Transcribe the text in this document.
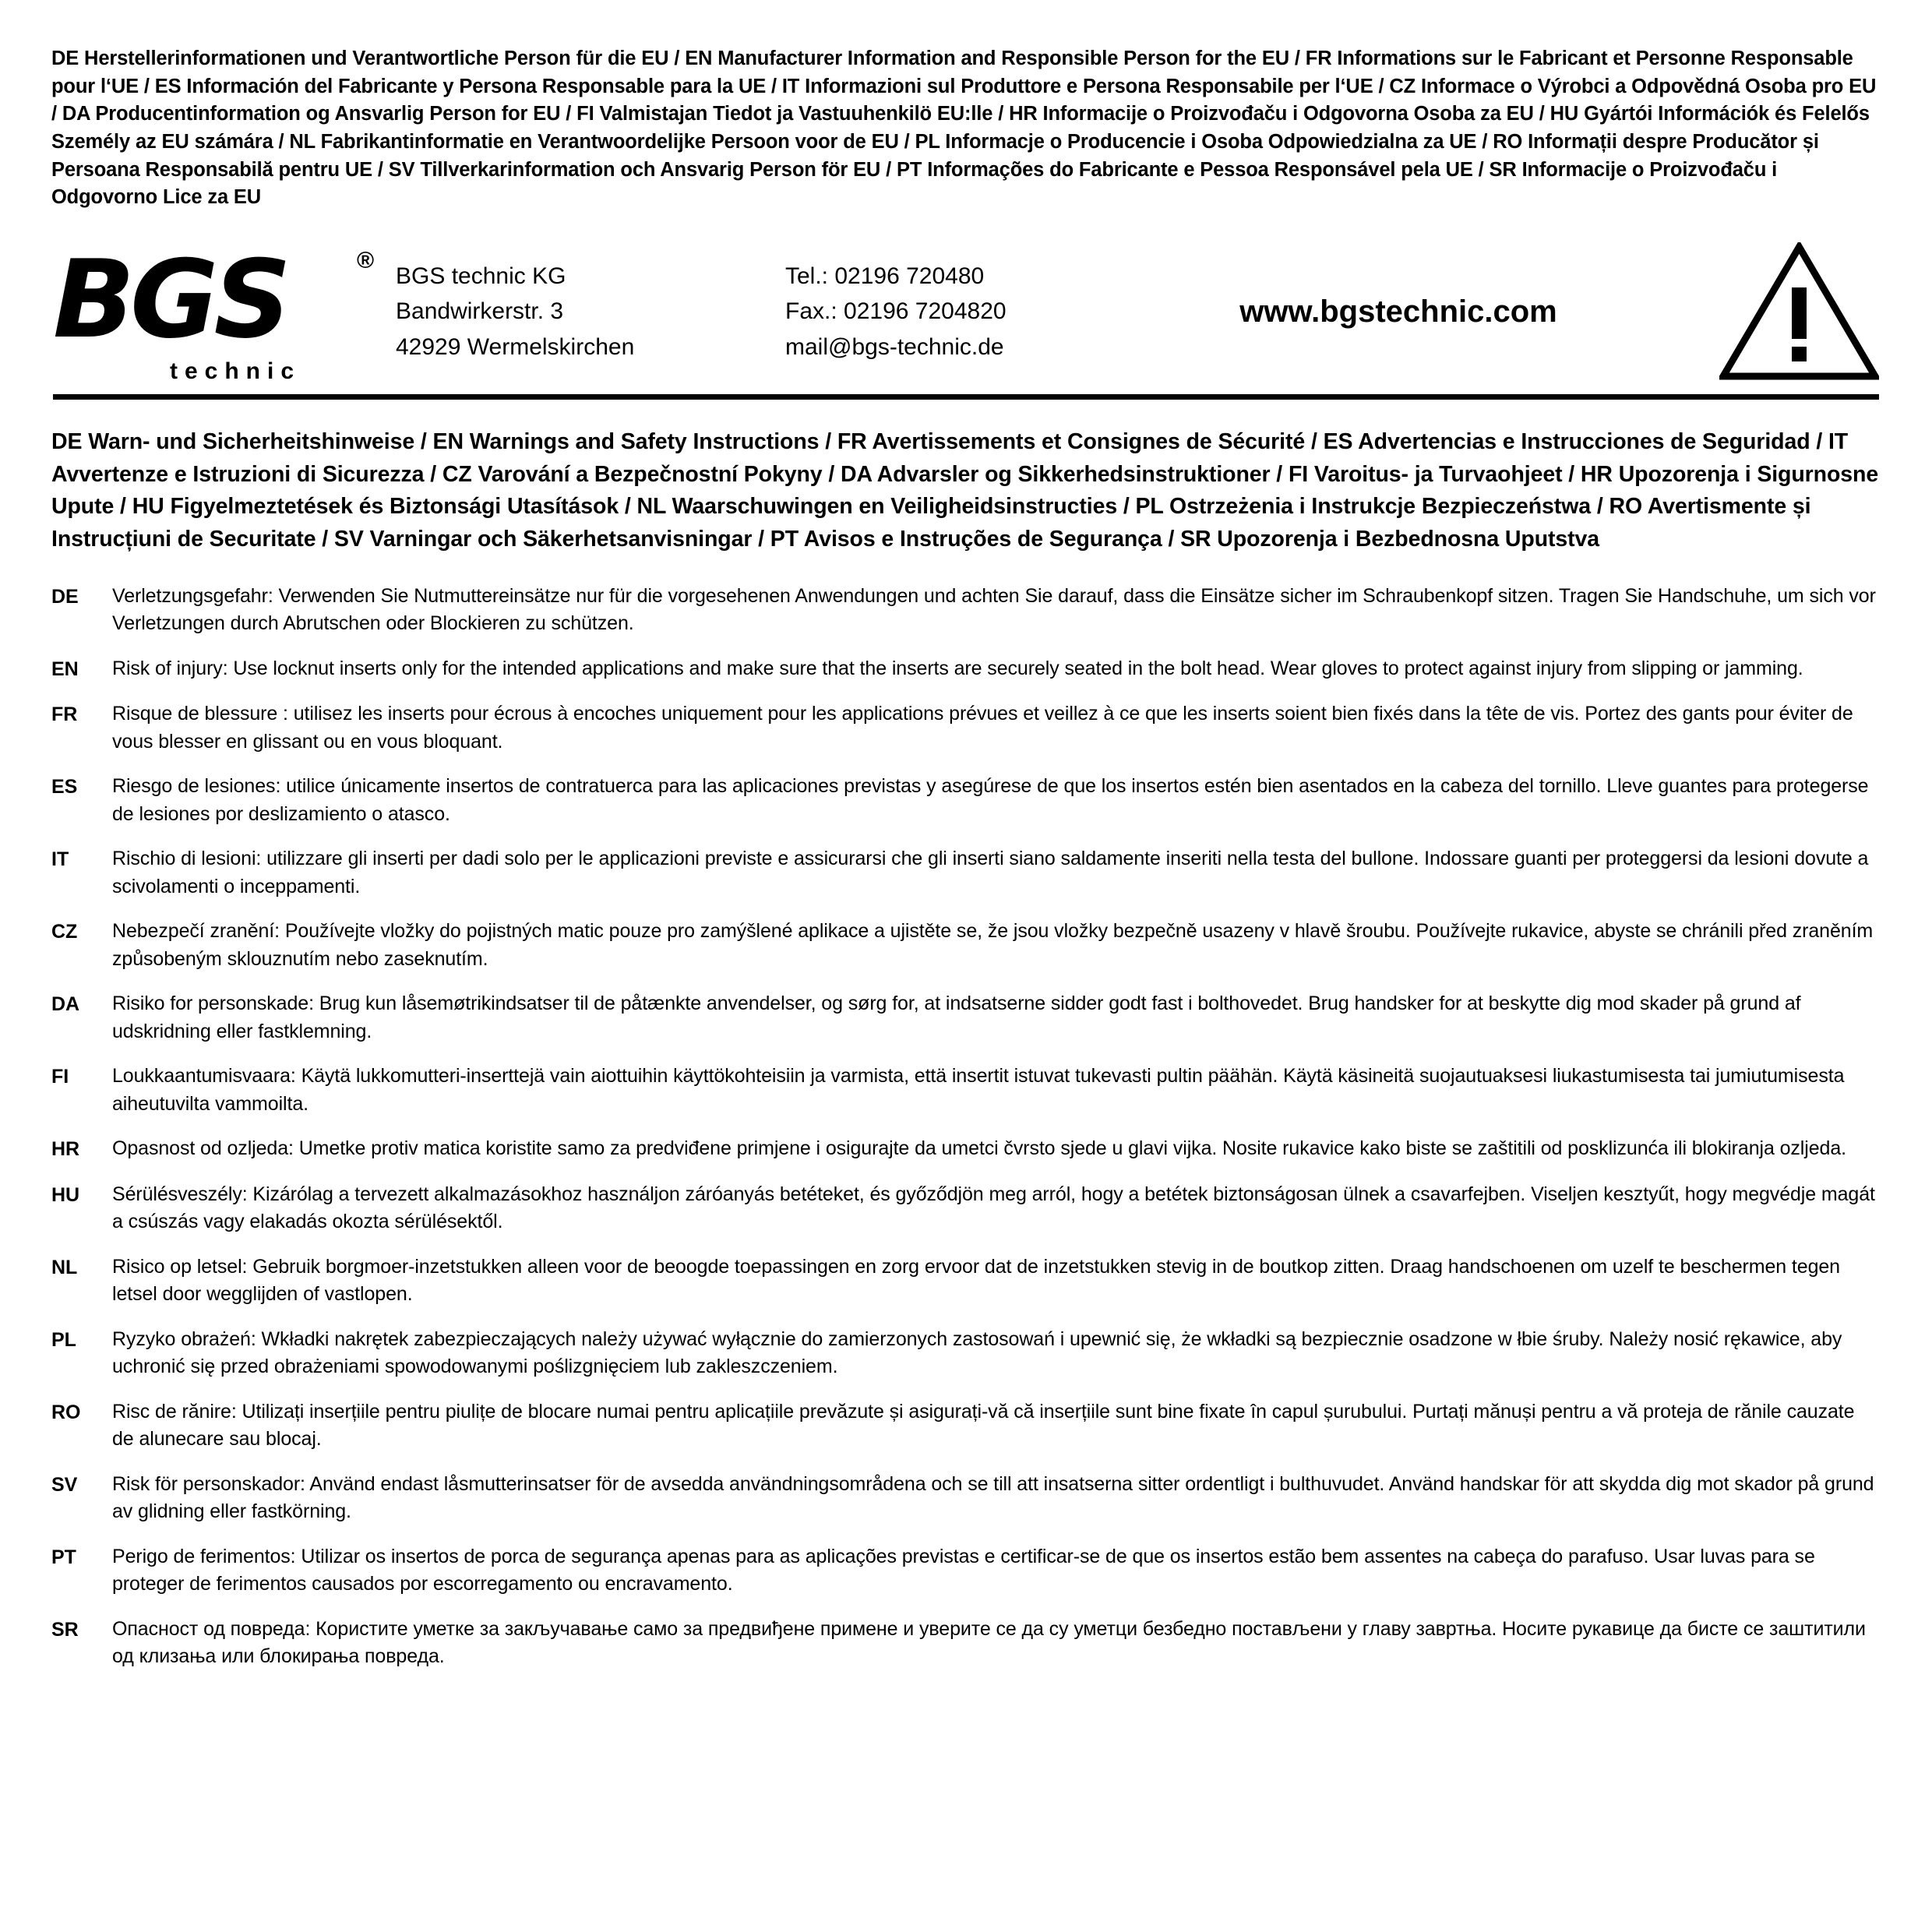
DE Herstellerinformationen und Verantwortliche Person für die EU / EN Manufacturer Information and Responsible Person for the EU / FR Informations sur le Fabricant et Personne Responsable pour l‘UE / ES Información del Fabricante y Persona Responsable para la UE / IT Informazioni sul Produttore e Persona Responsabile per l‘UE / CZ Informace o Výrobci a Odpovědná Osoba pro EU / DA Producentinformation og Ansvarlig Person for EU / FI Valmistajan Tiedot ja Vastuuhenkilö EU:lle / HR Informacije o Proizvođaču i Odgovorna Osoba za EU / HU Gyártói Információk és Felelős Személy az EU számára / NL Fabrikantinformatie en Verantwoordelijke Persoon voor de EU / PL Informacje o Producencie i Osoba Odpowiedzialna za UE / RO Informații despre Producător și Persoana Responsabilă pentru UE / SV Tillverkarinformation och Ansvarig Person för EU / PT Informações do Fabricante e Pessoa Responsável pela UE / SR Informacije o Proizvođaču i Odgovorno Lice za EU
BGS	®
technic
BGS technic KG
Bandwirkerstr. 3
42929 Wermelskirchen
Tel.: 02196 720480
Fax.: 02196 7204820
mail@bgs-technic.de
www.bgstechnic.com
DE Warn- und Sicherheitshinweise / EN Warnings and Safety Instructions / FR Avertissements et Consignes de Sécurité / ES Advertencias e Instrucciones de Seguridad / IT Avvertenze e Istruzioni di Sicurezza / CZ Varování a Bezpečnostní Pokyny / DA Advarsler og Sikkerhedsinstruktioner / FI Varoitus- ja Turvaohjeet / HR Upozorenja i Sigurnosne Upute / HU Figyelmeztetések és Biztonsági Utasítások / NL Waarschuwingen en Veiligheidsinstructies / PL Ostrzeżenia i Instrukcje Bezpieczeństwa / RO Avertismente și Instrucțiuni de Securitate / SV Varningar och Säkerhetsanvisningar / PT Avisos e Instruções de Segurança / SR Upozorenja i Bezbednosna Uputstva
DE	Verletzungsgefahr: Verwenden Sie Nutmuttereinsätze nur für die vorgesehenen Anwendungen und achten Sie darauf, dass die Einsätze sicher im Schraubenkopf sitzen. Tragen Sie Handschuhe, um sich vor Verletzungen durch Abrutschen oder Blockieren zu schützen.
EN	Risk of injury: Use locknut inserts only for the intended applications and make sure that the inserts are securely seated in the bolt head. Wear gloves to protect against injury from slipping or jamming.
FR	Risque de blessure : utilisez les inserts pour écrous à encoches uniquement pour les applications prévues et veillez à ce que les inserts soient bien fixés dans la tête de vis. Portez des gants pour éviter de vous blesser en glissant ou en vous bloquant.
ES	Riesgo de lesiones: utilice únicamente insertos de contratuerca para las aplicaciones previstas y asegúrese de que los insertos estén bien asentados en la cabeza del tornillo. Lleve guantes para protegerse de lesiones por deslizamiento o atasco.
IT	Rischio di lesioni: utilizzare gli inserti per dadi solo per le applicazioni previste e assicurarsi che gli inserti siano saldamente inseriti nella testa del bullone. Indossare guanti per proteggersi da lesioni dovute a scivolamenti o inceppamenti.
CZ	Nebezpečí zranění: Používejte vložky do pojistných matic pouze pro zamýšlené aplikace a ujistěte se, že jsou vložky bezpečně usazeny v hlavě šroubu. Používejte rukavice, abyste se chránili před zraněním způsobeným sklouznutím nebo zaseknutím.
DA	Risiko for personskade: Brug kun låsemøtrikindsatser til de påtænkte anvendelser, og sørg for, at indsatserne sidder godt fast i bolthovedet. Brug handsker for at beskytte dig mod skader på grund af udskridning eller fastklemning.
FI	Loukkaantumisvaara: Käytä lukkomutteri-inserttejä vain aiottuihin käyttökohteisiin ja varmista, että insertit istuvat tukevasti pultin päähän. Käytä käsineitä suojautuaksesi liukastumisesta tai jumiutumisesta aiheutuvilta vammoilta.
HR	Opasnost od ozljeda: Umetke protiv matica koristite samo za predviđene primjene i osigurajte da umetci čvrsto sjede u glavi vijka. Nosite rukavice kako biste se zaštitili od posklizunća ili blokiranja ozljeda.
HU	Sérülésveszély: Kizárólag a tervezett alkalmazásokhoz használjon záróanyás betéteket, és győződjön meg arról, hogy a betétek biztonságosan ülnek a csavarfejben. Viseljen kesztyűt, hogy megvédje magát a csúszás vagy elakadás okozta sérülésektől.
NL	Risico op letsel: Gebruik borgmoer-inzetstukken alleen voor de beoogde toepassingen en zorg ervoor dat de inzetstukken stevig in de boutkop zitten. Draag handschoenen om uzelf te beschermen tegen letsel door wegglijden of vastlopen.
PL	Ryzyko obrażeń: Wkładki nakrętek zabezpieczających należy używać wyłącznie do zamierzonych zastosowań i upewnić się, że wkładki są bezpiecznie osadzone w łbie śruby. Należy nosić rękawice, aby uchronić się przed obrażeniami spowodowanymi poślizgnięciem lub zakleszczeniem.
RO	Risc de rănire: Utilizați inserțiile pentru piulițe de blocare numai pentru aplicațiile prevăzute și asigurați-vă că inserțiile sunt bine fixate în capul șurubului. Purtați mănuși pentru a vă proteja de rănile cauzate de alunecare sau blocaj.
SV	Risk för personskador: Använd endast låsmutterinsatser för de avsedda användningsområdena och se till att insatserna sitter ordentligt i bulthuvudet. Använd handskar för att skydda dig mot skador på grund av glidning eller fastkörning.
PT	Perigo de ferimentos: Utilizar os insertos de porca de segurança apenas para as aplicações previstas e certificar-se de que os insertos estão bem assentes na cabeça do parafuso. Usar luvas para se proteger de ferimentos causados por escorregamento ou encravamento.
SR	Опасност од повреда: Користите уметке за закључавање само за предвиђене примене и уверите се да су уметци безбедно постављени у главу завртња. Носите рукавице да бисте се заштитили од клизања или блокирања повреда.
